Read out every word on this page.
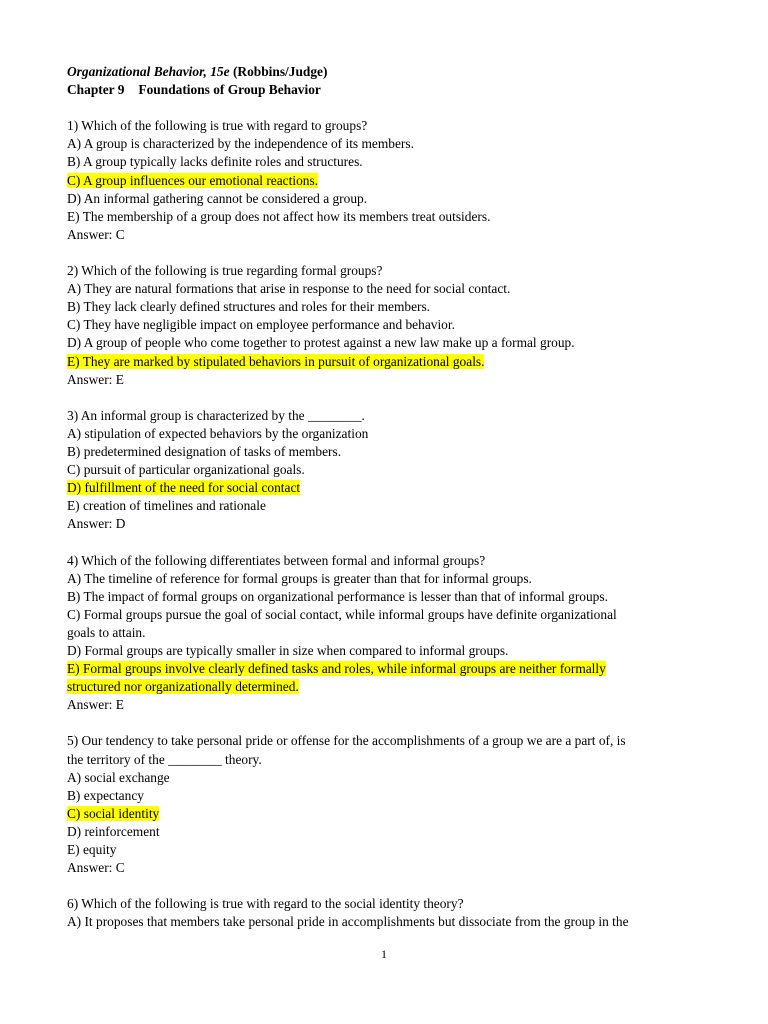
Organizational Behavior, 15e (Robbins/Judge)
Chapter 9 Foundations of Group Behavior
1) Which of the following is true with regard to groups?
A) A group is characterized by the independence of its members.
B) A group typically lacks definite roles and structures.
C) A group influences our emotional reactions.
D) An informal gathering cannot be considered a group.
E) The membership of a group does not affect how its members treat outsiders.
Answer: C
2) Which of the following is true regarding formal groups?
A) They are natural formations that arise in response to the need for social contact.
B) They lack clearly defined structures and roles for their members.
C) They have negligible impact on employee performance and behavior.
D) A group of people who come together to protest against a new law make up a formal group.
E) They are marked by stipulated behaviors in pursuit of organizational goals.
Answer: E
3) An informal group is characterized by the ________.
A) stipulation of expected behaviors by the organization
B) predetermined designation of tasks of members.
C) pursuit of particular organizational goals.
D) fulfillment of the need for social contact
E) creation of timelines and rationale
Answer: D
4) Which of the following differentiates between formal and informal groups?
A) The timeline of reference for formal groups is greater than that for informal groups.
B) The impact of formal groups on organizational performance is lesser than that of informal groups.
C) Formal groups pursue the goal of social contact, while informal groups have definite organizational
goals to attain.
D) Formal groups are typically smaller in size when compared to informal groups.
E) Formal groups involve clearly defined tasks and roles, while informal groups are neither formally
structured nor organizationally determined.
Answer: E
5) Our tendency to take personal pride or offense for the accomplishments of a group we are a part of, is
the territory of the ________ theory.
A) social exchange
B) expectancy
C) social identity
D) reinforcement
E) equity
Answer: C
6) Which of the following is true with regard to the social identity theory?
A) It proposes that members take personal pride in accomplishments but dissociate from the group in the
1
